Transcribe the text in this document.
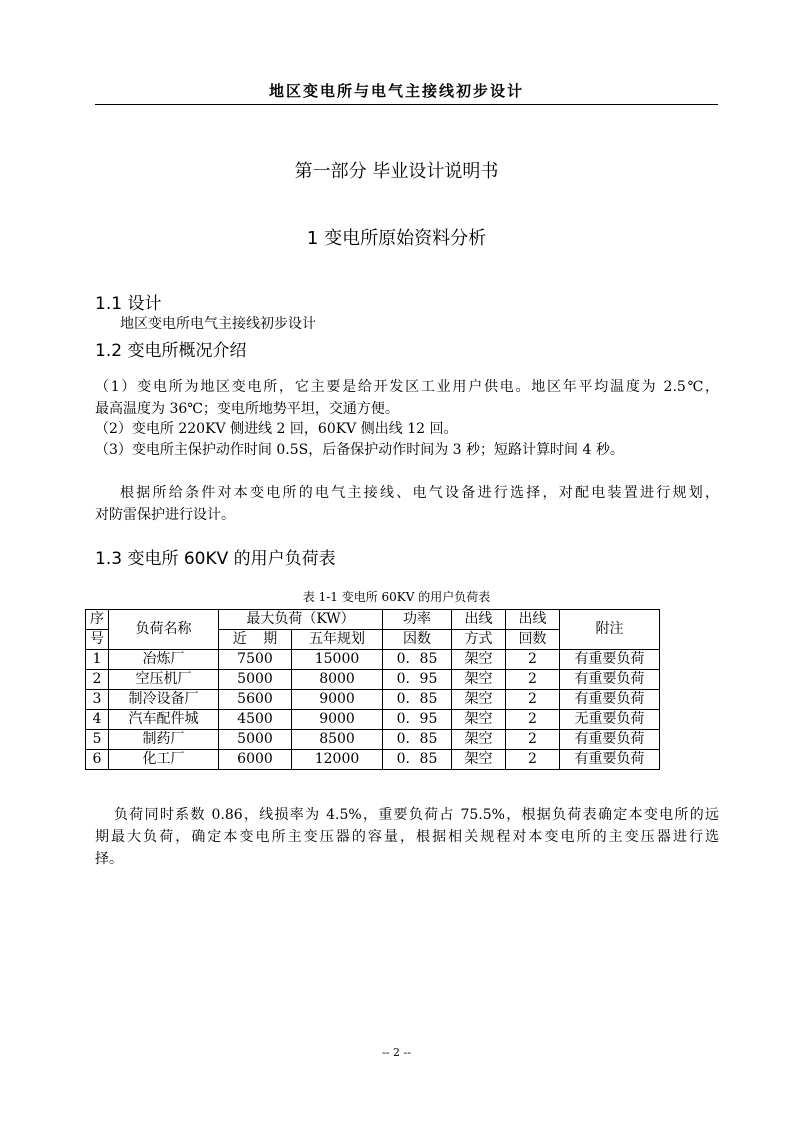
地区变电所与电气主接线初步设计
第一部分 毕业设计说明书
1 变电所原始资料分析
1.1 设计
地区变电所电气主接线初步设计
1.2 变电所概况介绍
（1）变电所为地区变电所，它主要是给开发区工业用户供电。地区年平均温度为 2.5℃，
最高温度为 36℃；变电所地势平坦，交通方便。
（2）变电所 220KV 侧进线 2 回，60KV 侧出线 12 回。
（3）变电所主保护动作时间 0.5S，后备保护动作时间为 3 秒；短路计算时间 4 秒。
根据所给条件对本变电所的电气主接线、电气设备进行选择，对配电装置进行规划，
对防雷保护进行设计。
1.3 变电所 60KV 的用户负荷表
表 1-1 变电所 60KV 的用户负荷表
序	负荷名称	最大负荷（KW）		功率	出线	出线	附注
号		近 期	五年规划	因数	方式	回数	
1	冶炼厂	7500	15000	0．85	架空	2	有重要负荷
2	空压机厂	5000	8000	0．95	架空	2	有重要负荷
3	制冷设备厂	5600	9000	0．85	架空	2	有重要负荷
4	汽车配件城	4500	9000	0．95	架空	2	无重要负荷
5	制药厂	5000	8500	0．85	架空	2	有重要负荷
6	化工厂	6000	12000	0．85	架空	2	有重要负荷
负荷同时系数 0.86，线损率为 4.5%，重要负荷占 75.5%，根据负荷表确定本变电所的远
期最大负荷，确定本变电所主变压器的容量，根据相关规程对本变电所的主变压器进行选
择。
-- 2 --
